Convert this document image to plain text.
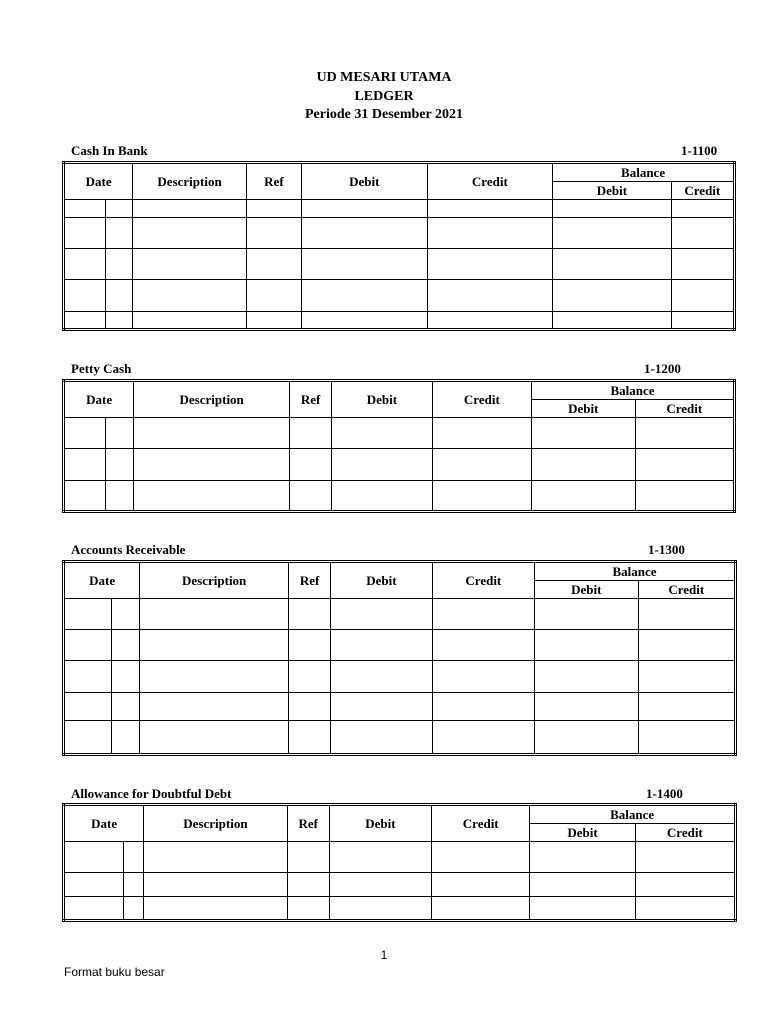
UD MESARI UTAMA
LEDGER
Periode 31 Desember 2021
Cash In Bank	1-1100
Date		Description	Ref	Debit	Credit	Balance	
						Debit	Credit

Petty Cash	1-1200
Date		Description	Ref	Debit	Credit	Balance	
						Debit	Credit

Accounts Receivable	1-1300
Date		Description	Ref	Debit	Credit	Balance	
						Debit	Credit

Allowance for Doubtful Debt	1-1400
Date		Description	Ref	Debit	Credit	Balance	
						Debit	Credit

1
Format buku besar
